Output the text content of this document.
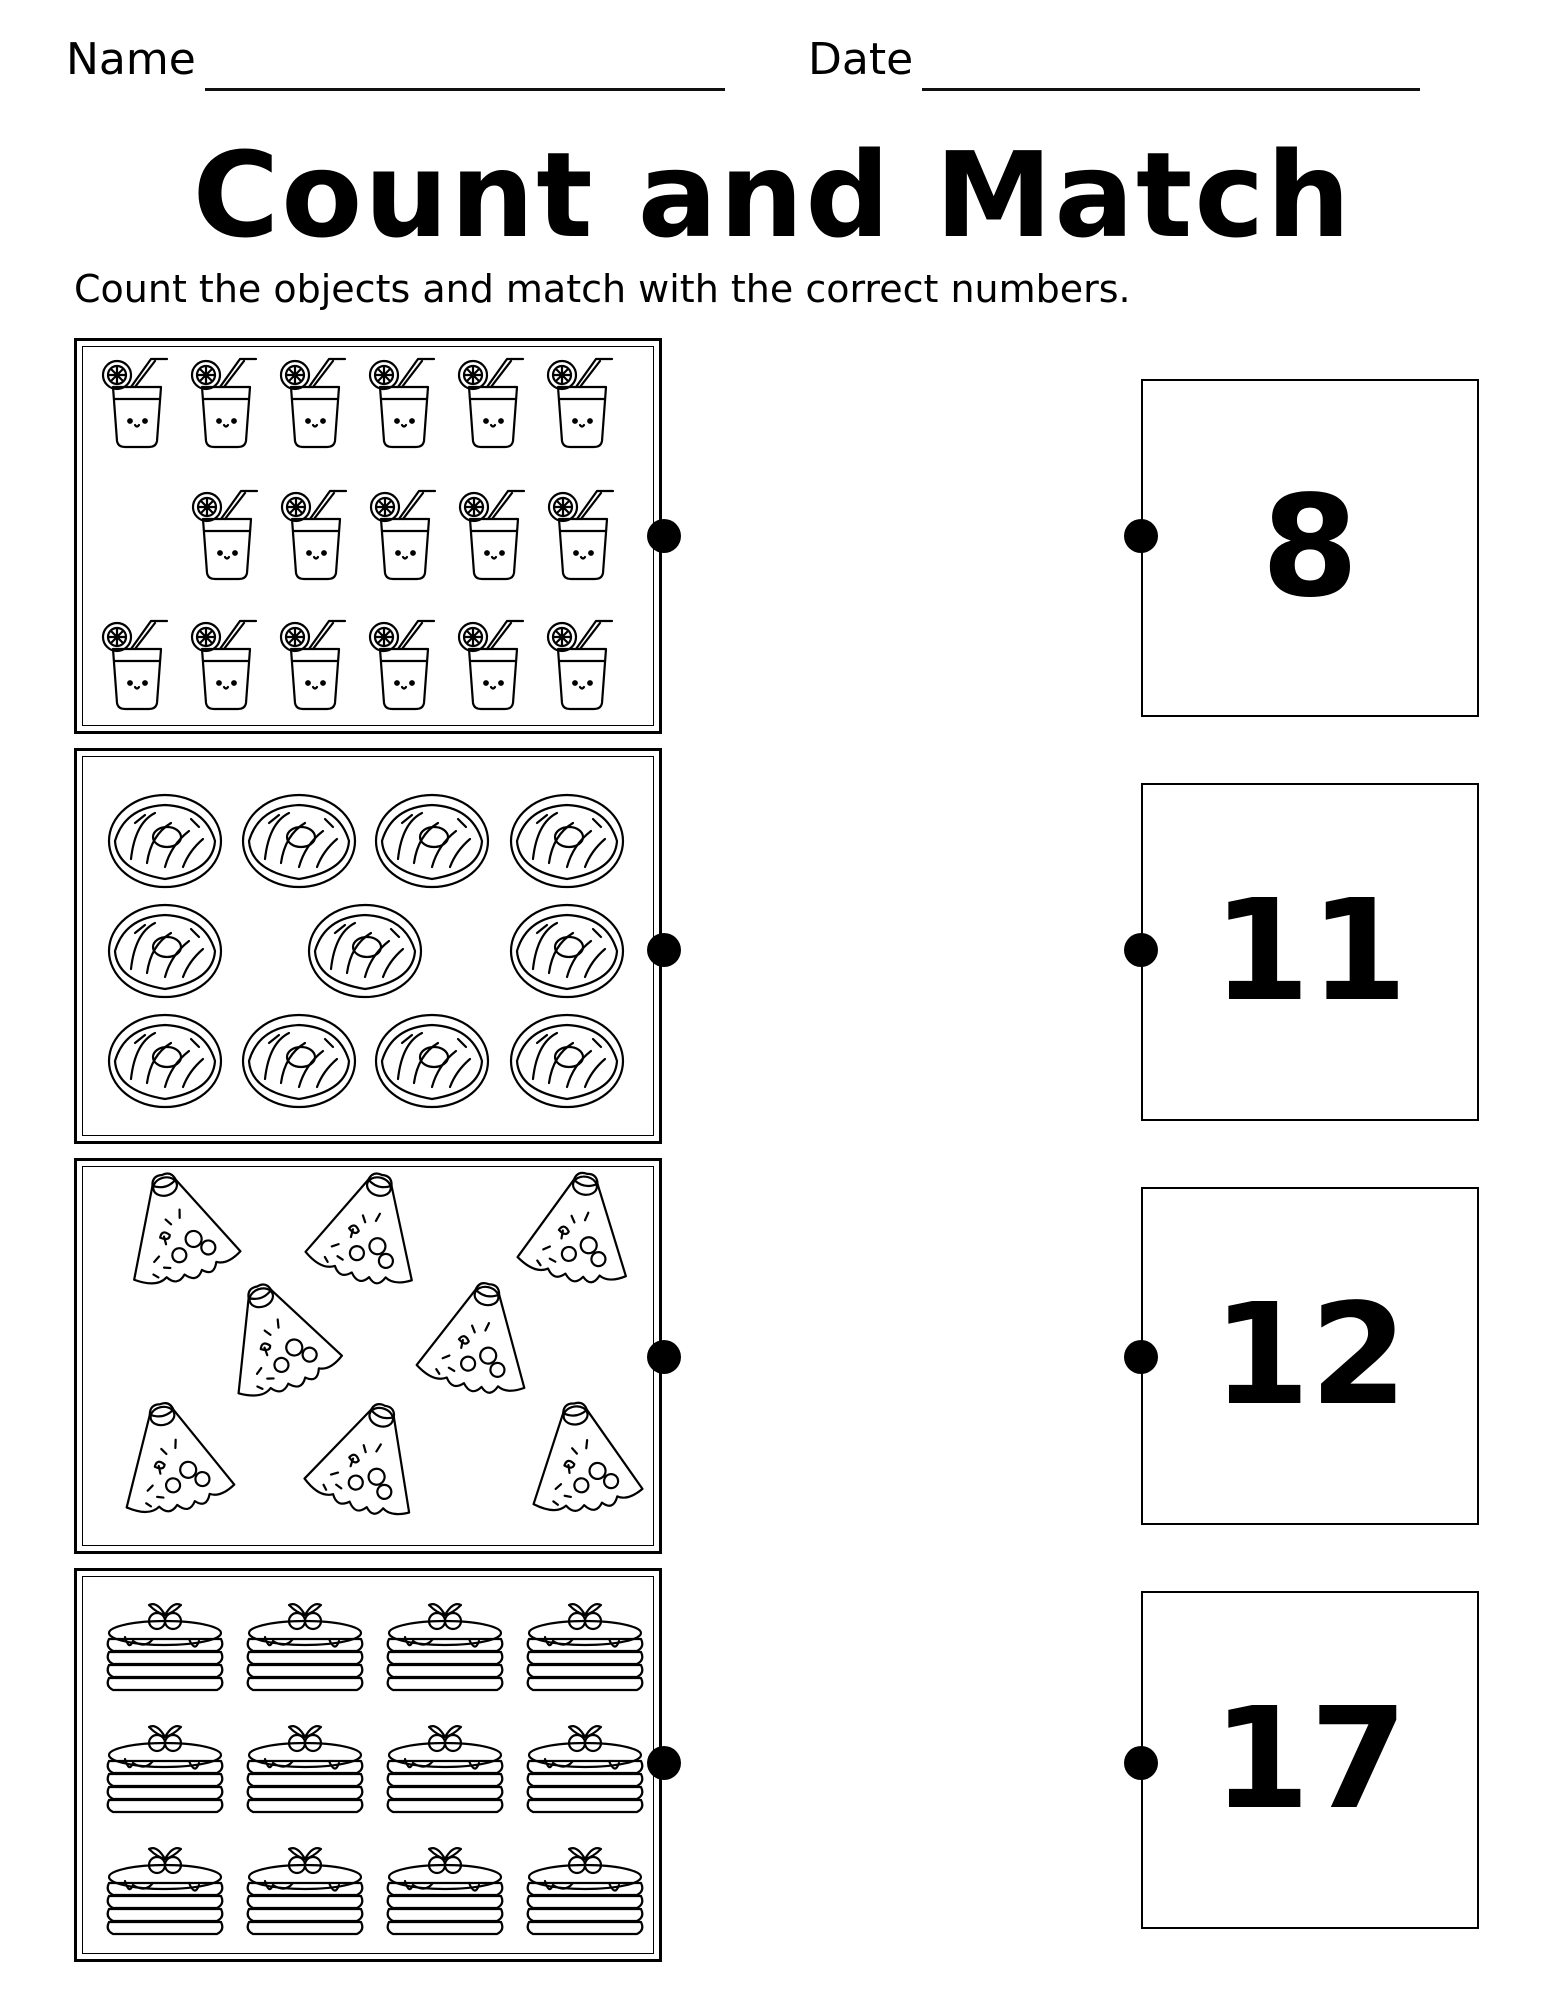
Name	Date
Count and Match
Count the objects and match with the correct numbers.
8
11
12
17
